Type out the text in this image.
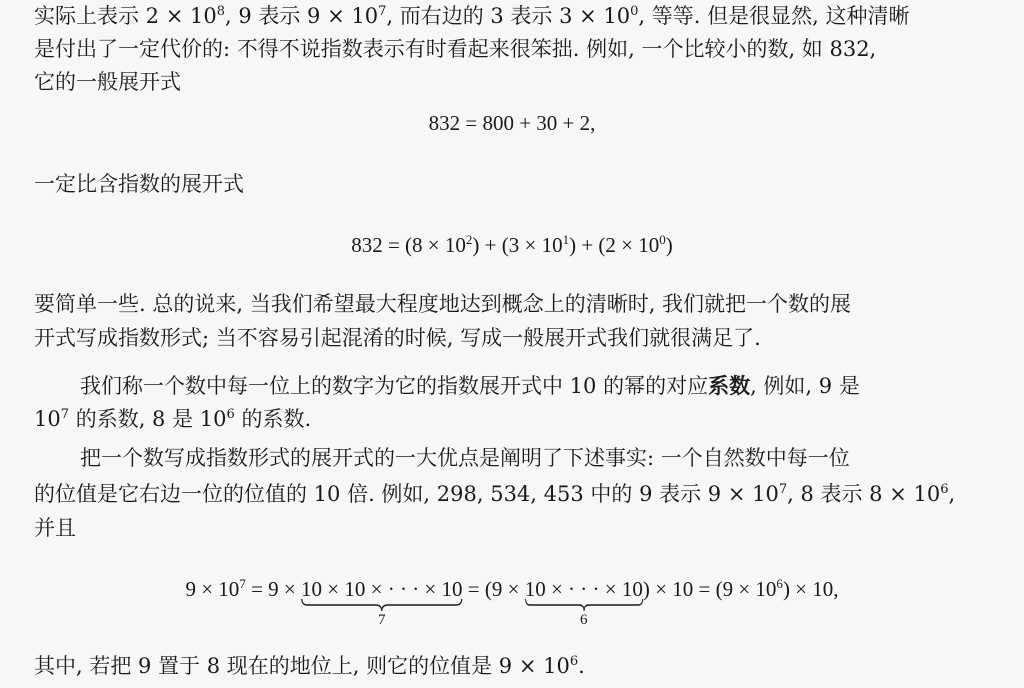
实际上表示 $2 \times 10^8$, 9 表示 $9 \times 10^7$, 而右边的 3 表示 $3 \times 10^0$, 等等. 但是很显然, 这种清晰
是付出了一定代价的: 不得不说指数表示有时看起来很笨拙. 例如, 一个比较小的数, 如 832,
它的一般展开式
832 = 800 + 30 + 2,
一定比含指数的展开式
$832 = (8 \times 10^2) + (3 \times 10^1) + (2 \times 10^0)$
要简单一些. 总的说来, 当我们希望最大程度地达到概念上的清晰时, 我们就把一个数的展
开式写成指数形式; 当不容易引起混淆的时候, 写成一般展开式我们就很满足了.
我们称一个数中每一位上的数字为它的指数展开式中 10 的幂的对应系数, 例如, 9 是
$10^7$ 的系数, 8 是 $10^6$ 的系数.
把一个数写成指数形式的展开式的一大优点是阐明了下述事实: 一个自然数中每一位
的位值是它右边一位的位值的 10 倍. 例如, 298, 534, 453 中的 9 表示 $9 \times 10^7$, 8 表示 $8 \times 10^6$,
并且
$9 \times 10^7 = 9 \times 10 \times 10$ × · · · × 10
7
= (9 × 10 × · · · × 10
6
) × $10 = (9 \times 10^6) \times 10$,
其中, 若把 9 置于 8 现在的地位上, 则它的位值是 $9 \times 10^6$.
